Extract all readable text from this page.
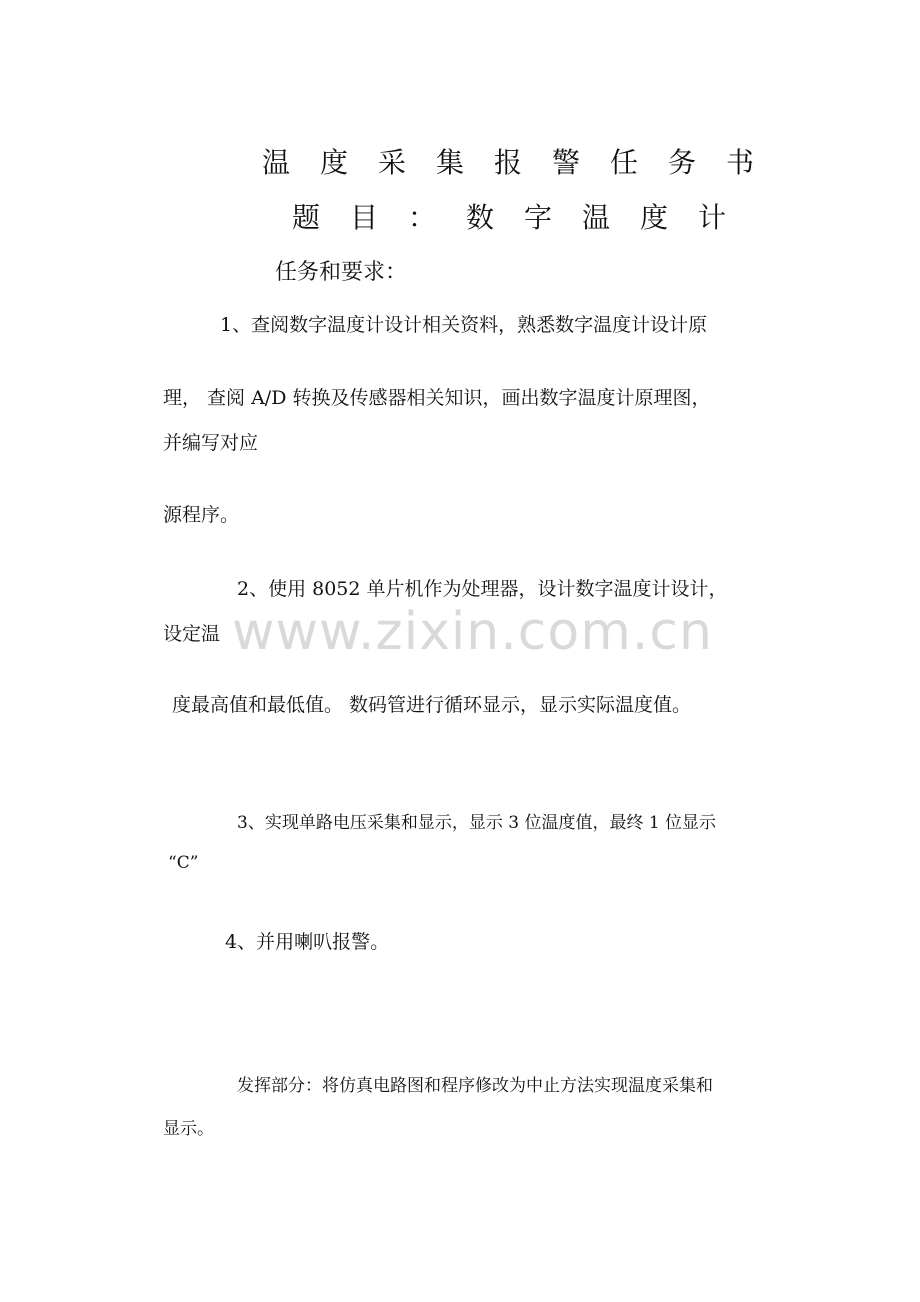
www.zixin.com.cn
温度采集报警任务书
题目：数字温度计
任务和要求：
1、查阅数字温度计设计相关资料，熟悉数字温度计设计原
理， 查阅 A/D 转换及传感器相关知识，画出数字温度计原理图，
并编写对应
源程序。
2、使用 8052 单片机作为处理器，设计数字温度计设计，
设定温
度最高值和最低值。 数码管进行循环显示，显示实际温度值。
3、实现单路电压采集和显示，显示 3 位温度值，最终 1 位显示
“C”
4、并用喇叭报警。
发挥部分：将仿真电路图和程序修改为中止方法实现温度采集和
显示。
